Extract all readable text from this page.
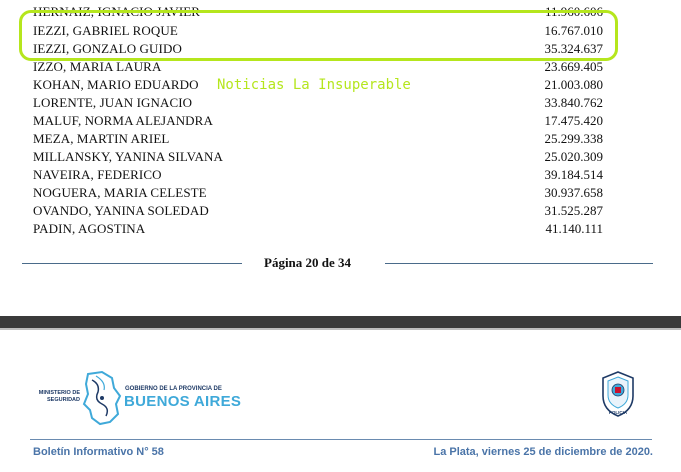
HERNAIZ, IGNACIO JAVIER	11.960.606
IEZZI, GABRIEL ROQUE	16.767.010
IEZZI, GONZALO GUIDO	35.324.637
IZZO, MARIA LAURA	23.669.405
KOHAN, MARIO EDUARDO	21.003.080
LORENTE, JUAN IGNACIO	33.840.762
MALUF, NORMA ALEJANDRA	17.475.420
MEZA, MARTIN ARIEL	25.299.338
MILLANSKY, YANINA SILVANA	25.020.309
NAVEIRA, FEDERICO	39.184.514
NOGUERA, MARIA CELESTE	30.937.658
OVANDO, YANINA SOLEDAD	31.525.287
PADIN, AGOSTINA	41.140.111
Noticias La Insuperable
Página 20 de 34
MINISTERIO DE
SEGURIDAD
GOBIERNO DE LA PROVINCIA DE
BUENOS AIRES
POLICIA
Boletín Informativo N° 58	La Plata, viernes 25 de diciembre de 2020.
